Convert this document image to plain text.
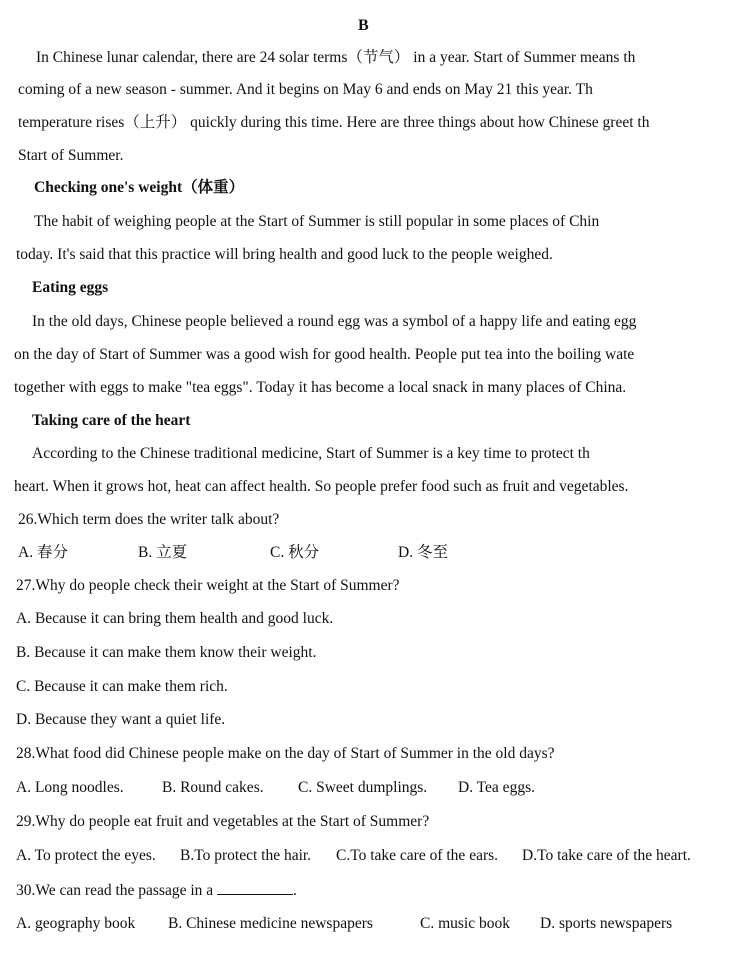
B
In Chinese lunar calendar, there are 24 solar terms（节气） in a year. Start of Summer means th
coming of a new season - summer. And it begins on May 6 and ends on May 21 this year. Th
temperature rises（上升） quickly during this time. Here are three things about how Chinese greet th
Start of Summer.
Checking one's weight（体重）
The habit of weighing people at the Start of Summer is still popular in some places of Chin
today. It's said that this practice will bring health and good luck to the people weighed.
Eating eggs
In the old days, Chinese people believed a round egg was a symbol of a happy life and eating egg
on the day of Start of Summer was a good wish for good health. People put tea into the boiling wate
together with eggs to make "tea eggs". Today it has become a local snack in many places of China.
Taking care of the heart
According to the Chinese traditional medicine, Start of Summer is a key time to protect th
heart. When it grows hot, heat can affect health. So people prefer food such as fruit and vegetables.
26.Which term does the writer talk about?
A. 春分	B. 立夏	C. 秋分	D. 冬至
27.Why do people check their weight at the Start of Summer?
A. Because it can bring them health and good luck.
B. Because it can make them know their weight.
C. Because it can make them rich.
D. Because they want a quiet life.
28.What food did Chinese people make on the day of Start of Summer in the old days?
A. Long noodles. B. Round cakes. C. Sweet dumplings. D. Tea eggs.
29.Why do people eat fruit and vegetables at the Start of Summer?
A. To protect the eyes. B.To protect the hair. C.To take care of the ears. D.To take care of the heart.
30.We can read the passage in a	.
A. geography book B. Chinese medicine newspapers	C. music book D. sports newspapers
